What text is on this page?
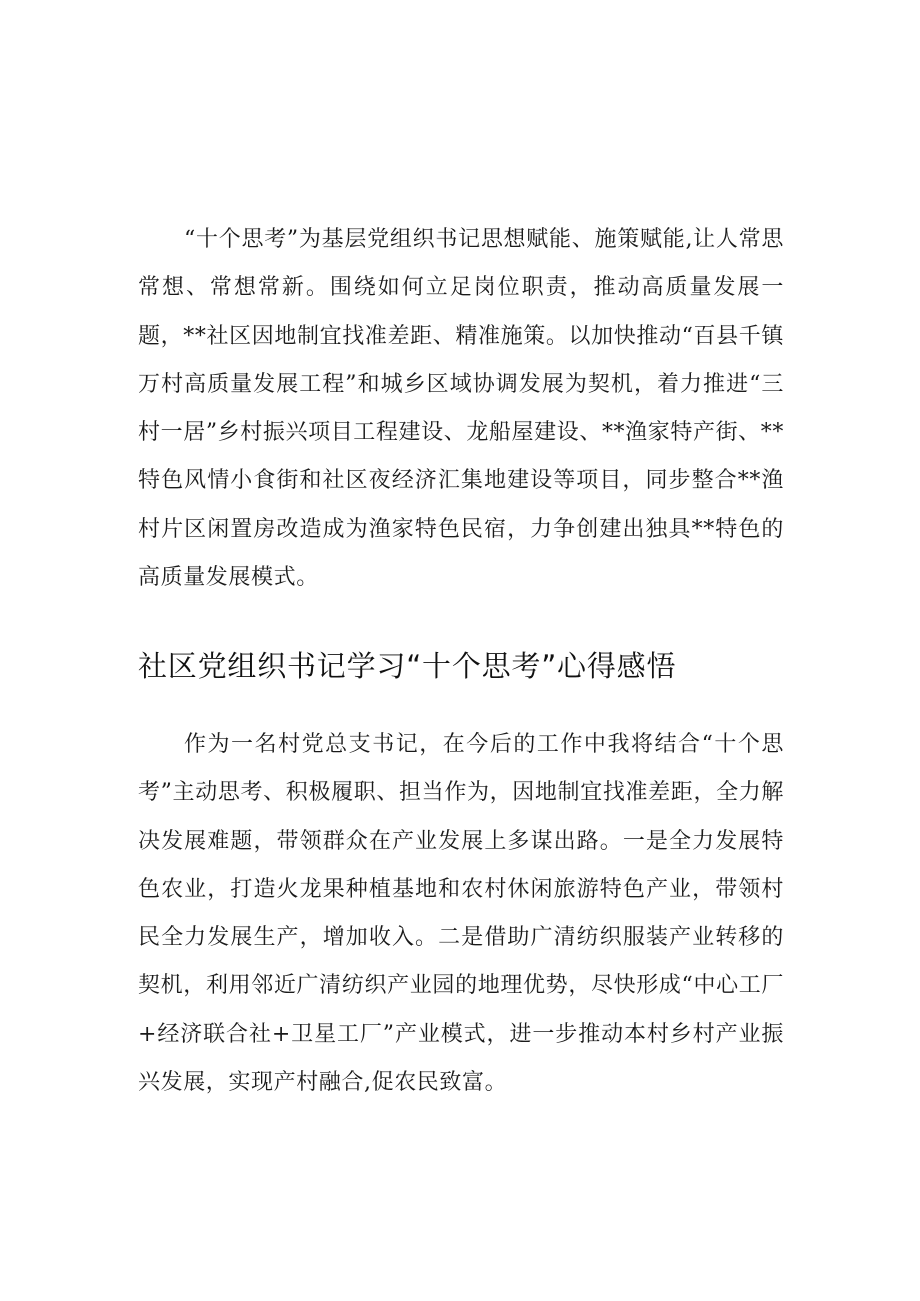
“十个思考”为基层党组织书记思想赋能、施策赋能,让人常思常想、常想常新。围绕如何立足岗位职责，推动高质量发展一题，**社区因地制宜找准差距、精准施策。以加快推动“百县千镇万村高质量发展工程”和城乡区域协调发展为契机，着力推进“三村一居”乡村振兴项目工程建设、龙船屋建设、**渔家特产街、**特色风情小食街和社区夜经济汇集地建设等项目，同步整合**渔村片区闲置房改造成为渔家特色民宿，力争创建出独具**特色的高质量发展模式。

社区党组织书记学习“十个思考”心得感悟

作为一名村党总支书记，在今后的工作中我将结合“十个思考”主动思考、积极履职、担当作为，因地制宜找准差距，全力解决发展难题，带领群众在产业发展上多谋出路。一是全力发展特色农业，打造火龙果种植基地和农村休闲旅游特色产业，带领村民全力发展生产，增加收入。二是借助广清纺织服装产业转移的契机，利用邻近广清纺织产业园的地理优势，尽快形成“中心工厂+经济联合社+卫星工厂”产业模式，进一步推动本村乡村产业振兴发展，实现产村融合,促农民致富。
